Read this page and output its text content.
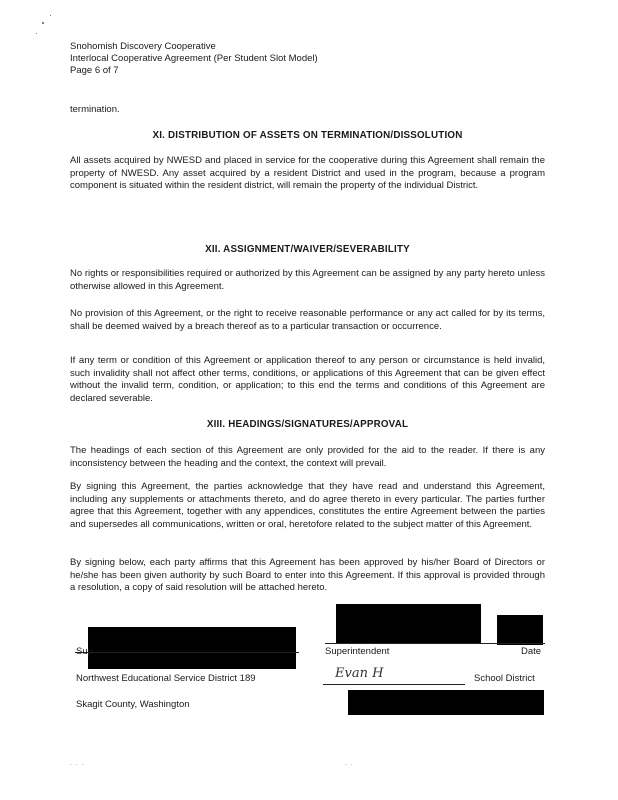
Snohomish Discovery Cooperative
Interlocal Cooperative Agreement (Per Student Slot Model)
Page 6 of 7
termination.
XI. DISTRIBUTION OF ASSETS ON TERMINATION/DISSOLUTION
All assets acquired by NWESD and placed in service for the cooperative during this Agreement shall remain the property of NWESD. Any asset acquired by a resident District and used in the program, because a program component is situated within the resident district, will remain the property of the individual District.
XII. ASSIGNMENT/WAIVER/SEVERABILITY
No rights or responsibilities required or authorized by this Agreement can be assigned by any party hereto unless otherwise allowed in this Agreement.
No provision of this Agreement, or the right to receive reasonable performance or any act called for by its terms, shall be deemed waived by a breach thereof as to a particular transaction or occurrence.
If any term or condition of this Agreement or application thereof to any person or circumstance is held invalid, such invalidity shall not affect other terms, conditions, or applications of this Agreement that can be given effect without the invalid term, condition, or application; to this end the terms and conditions of this Agreement are declared severable.
XIII. HEADINGS/SIGNATURES/APPROVAL
The headings of each section of this Agreement are only provided for the aid to the reader. If there is any inconsistency between the heading and the context, the context will prevail.
By signing this Agreement, the parties acknowledge that they have read and understand this Agreement, including any supplements or attachments thereto, and do agree thereto in every particular. The parties further agree that this Agreement, together with any appendices, constitutes the entire Agreement between the parties and supersedes all communications, written or oral, heretofore related to the subject matter of this Agreement.
By signing below, each party affirms that this Agreement has been approved by his/her Board of Directors or he/she has been given authority by such Board to enter into this Agreement. If this approval is provided through a resolution, a copy of said resolution will be attached hereto.
Sup
Northwest Educational Service District 189
Skagit County, Washington
Superintendent	Date
Evan H	School District
· · ·	· ·
